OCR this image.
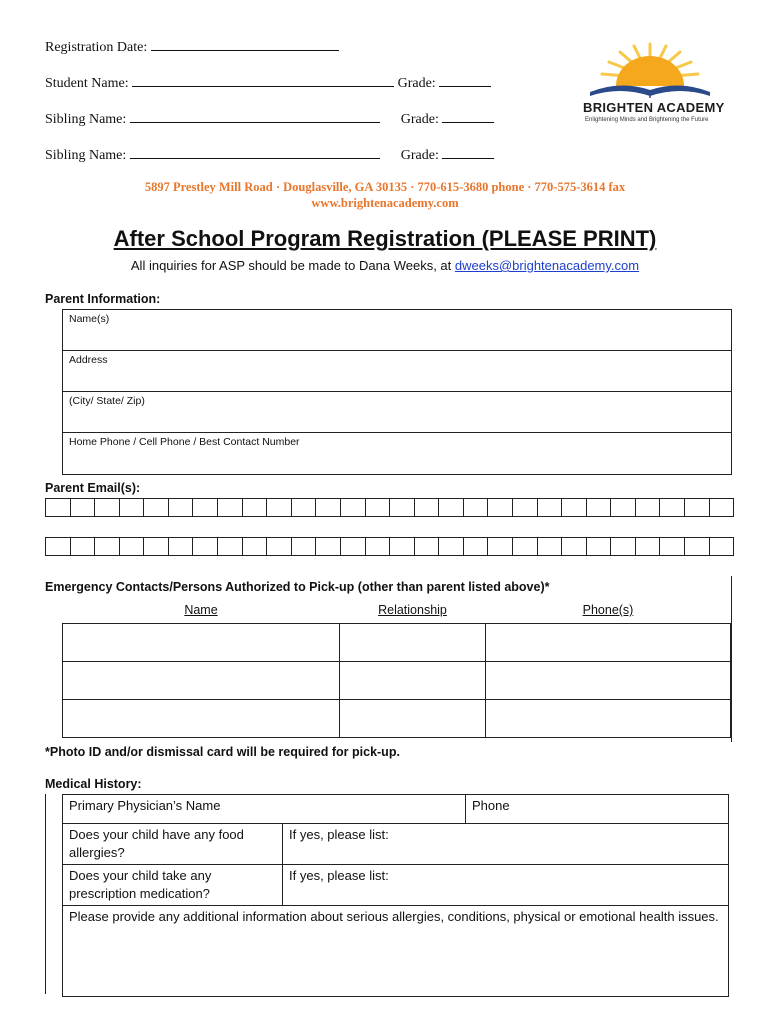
Registration Date:
Student Name:	Grade:
Sibling Name:	Grade:
Sibling Name:	Grade:
BRIGHTEN ACADEMY
Enlightening Minds and Brightening the Future
5897 Prestley Mill Road · Douglasville, GA 30135 · 770-615-3680 phone · 770-575-3614 fax
www.brightenacademy.com
After School Program Registration (PLEASE PRINT)
All inquiries for ASP should be made to Dana Weeks, at dweeks@brightenacademy.com
Parent Information:
Name(s)
Address
(City/ State/ Zip)
Home Phone / Cell Phone / Best Contact Number
Parent Email(s):
Emergency Contacts/Persons Authorized to Pick-up (other than parent listed above)*
Name	Relationship	Phone(s)

*Photo ID and/or dismissal card will be required for pick-up.
Medical History:
Primary Physician’s Name		Phone
Does your child have any food allergies?	If yes, please list:	
Does your child take any prescription medication?	If yes, please list:	
Please provide any additional information about serious allergies, conditions, physical or emotional health issues.		
